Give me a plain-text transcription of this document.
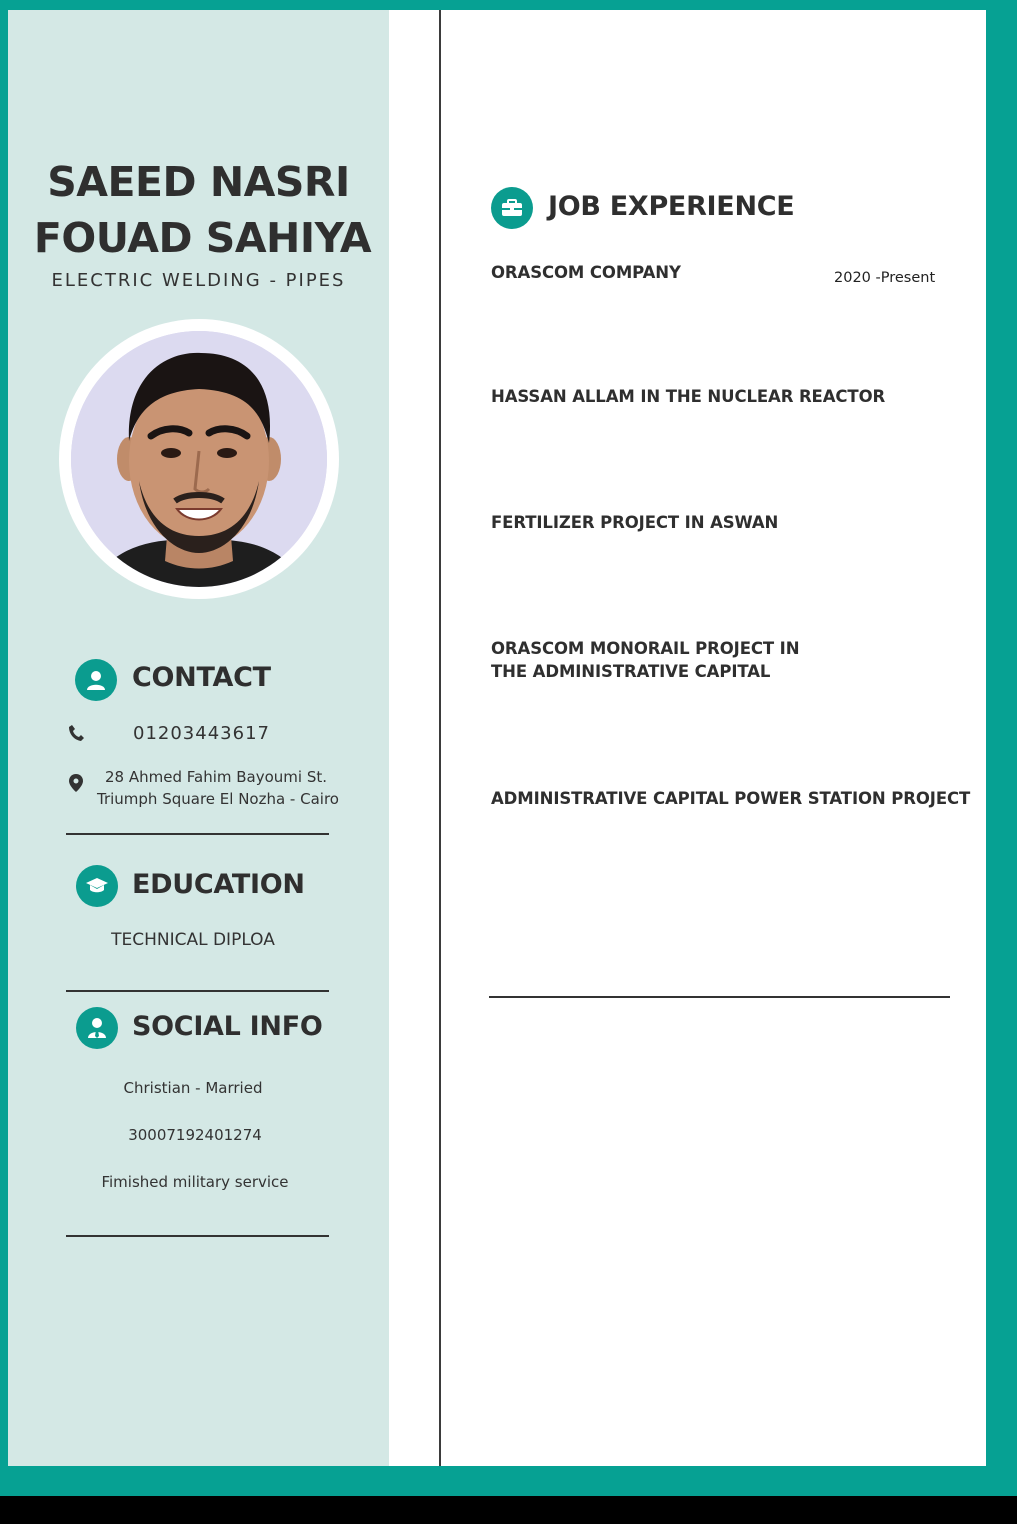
SAEED NASRI
FOUAD SAHIYA
ELECTRIC WELDING - PIPES
CONTACT
01203443617
28 Ahmed Fahim Bayoumi St.
Triumph Square El Nozha - Cairo
EDUCATION
TECHNICAL DIPLOA
SOCIAL INFO
Christian - Married
30007192401274
Fimished military service
JOB EXPERIENCE
ORASCOM COMPANY	2020 -Present
HASSAN ALLAM IN THE NUCLEAR REACTOR
FERTILIZER PROJECT IN ASWAN
ORASCOM MONORAIL PROJECT IN
THE ADMINISTRATIVE CAPITAL
ADMINISTRATIVE CAPITAL POWER STATION PROJECT
